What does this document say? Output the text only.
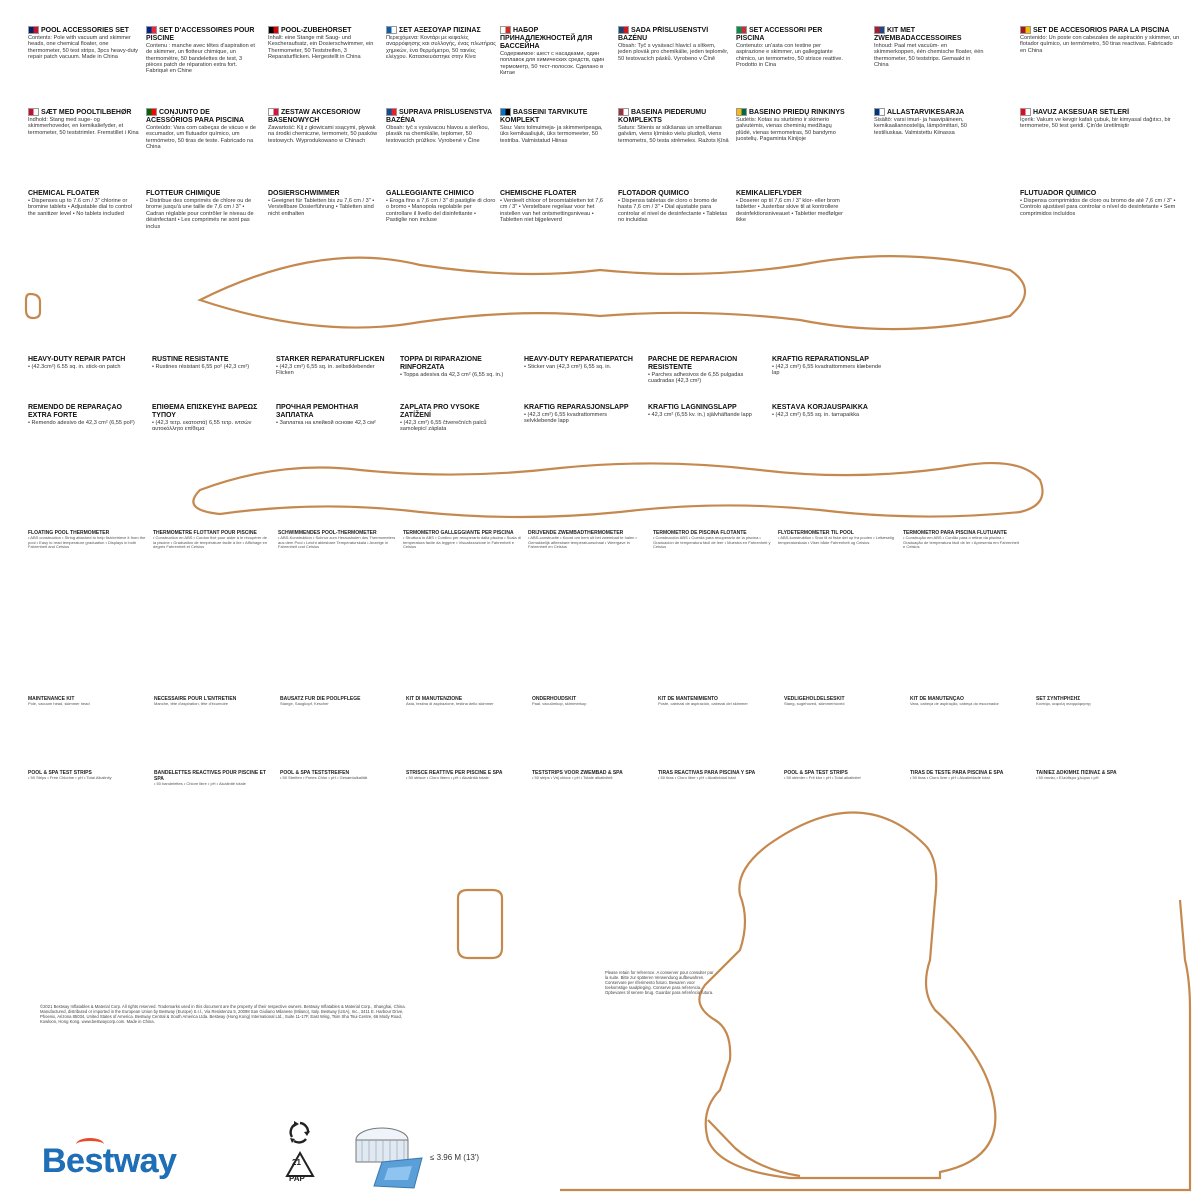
POOL ACCESSORIES SET
Contents: Pole with vacuum and skimmer heads, one chemical floater, one thermometer, 50 test strips, 3pcs heavy-duty repair patch vacuum. Made in China
SET D'ACCESSOIRES POUR PISCINE
Contenu : manche avec têtes d'aspiration et de skimmer, un flotteur chimique, un thermomètre, 50 bandelettes de test, 3 pièces patch de réparation extra fort. Fabriqué en Chine
POOL-ZUBEHÖRSET
Inhalt: eine Stange mit Saug- und Kescheraufsatz, ein Dosierschwimmer, ein Thermometer, 50 Teststreifen, 3 Reparaturflicken. Hergestellt in China
ΣΕΤ ΑΞΕΣΟΥΑΡ ΠΙΣΙΝΑΣ
Περιεχόμενα: Κοντάρι με κεφαλές αναρρόφησης και συλλογής, ένας πλωτήρας χημικών, ένα θερμόμετρο, 50 ταινίες ελέγχου. Κατασκευάστηκε στην Κίνα
НАБОР ПРИНАДЛЕЖНОСТЕЙ ДЛЯ БАССЕЙНА
Содержимое: шест с насадками, один поплавок для химических средств, один термометр, 50 тест-полосок. Сделано в Китае
SADA PŘÍSLUŠENSTVÍ BAZÉNU
Obsah: Tyč s vysávací hlavicí a sítkem, jeden plovák pro chemikálie, jeden teploměr, 50 testovacích pásků. Vyrobeno v Číně
SET ACCESSORI PER PISCINA
Contenuto: un'asta con testine per aspirazione e skimmer, un galleggiante chimico, un termometro, 50 strisce reattive. Prodotto in Cina
KIT MET ZWEMBADACCESSOIRES
Inhoud: Paal met vacuüm- en skimmerkoppen, één chemische floater, één thermometer, 50 teststrips. Gemaakt in China
SET DE ACCESORIOS PARA LA PISCINA
Contenido: Un poste con cabezales de aspiración y skimmer, un flotador químico, un termómetro, 50 tiras reactivas. Fabricado en China
SÆT MED POOLTILBEHØR
Indhold: Stang med suge- og skimmerhoveder, en kemikaliefyder, et termometer, 50 teststrimler. Fremstillet i Kina
CONJUNTO DE ACESSÓRIOS PARA PISCINA
Conteúdo: Vara com cabeças de vácuo e de escumador, um flutuador químico, um termómetro, 50 tiras de teste. Fabricado na China
ZESTAW AKCESORIÓW BASENOWYCH
Zawartość: Kij z głowicami ssącymi, pływak na środki chemiczne, termometr, 50 pasków testowych. Wyprodukowano w Chinach
SÚPRAVA PRÍSLUŠENSTVA BAZÉNA
Obsah: tyč s vysávacou hlavou a sieťkou, plavák na chemikálie, teplomer, 50 testovacích prúžkov. Vyrobené v Číne
BASSEINI TARVIKUTE KOMPLEKT
Sisu: Vars tolmuimeja- ja skimmeripeaga, üks kemikaaliujuk, üks termomeeter, 50 testriba. Valmistatud Hiinas
BASEINA PIEDERUMU KOMPLEKTS
Saturs: Stienis ar sūkšanas un smelšanas galvām, viens ķīmisko vielu pludiņš, viens termometrs, 50 testa strēmeles. Ražots Ķīnā
BASEINO PRIEDŲ RINKINYS
Sudėtis: Kotas su siurbimo ir skimerio galvutėmis, vienas cheminių medžiagų plūdė, vienas termometras, 50 bandymo juostelių. Pagaminta Kinijoje
ALLASTARVIKESARJA
Sisältö: varsi imuri- ja haavipäineen, kemikaaliannostelija, lämpömittari, 50 testiliuskaa. Valmistettu Kiinassa
HAVUZ AKSESUAR SETLERİ
İçerik: Vakum ve kevgir kafalı çubuk, bir kimyasal dağıtıcı, bir termometre, 50 test şeridi. Çin'de üretilmiştir
CHEMICAL FLOATER
• Dispenses up to 7.6 cm / 3" chlorine or bromine tablets • Adjustable dial to control the sanitizer level • No tablets included
FLOTTEUR CHIMIQUE
• Distribue des comprimés de chlore ou de brome jusqu'à une taille de 7,6 cm / 3" • Cadran réglable pour contrôler le niveau de désinfectant • Les comprimés ne sont pas inclus
DOSIERSCHWIMMER
• Geeignet für Tabletten bis zu 7,6 cm / 3" • Verstellbare Dosierführung • Tabletten sind nicht enthalten
GALLEGGIANTE CHIMICO
• Eroga fino a 7,6 cm / 3" di pastiglie di cloro o bromo • Manopola regolabile per controllare il livello del disinfettante • Pastiglie non incluse
CHEMISCHE FLOATER
• Verdeelt chloor of broomtabletten tot 7,6 cm / 3" • Verstelbare regelaar voor het instellen van het ontsmettingsniveau • Tabletten niet bijgeleverd
FLOTADOR QUÍMICO
• Dispensa tabletas de cloro o bromo de hasta 7,6 cm / 3" • Dial ajustable para controlar el nivel de desinfectante • Tabletas no incluidas
KEMIKALIEFLYDER
• Doserer op til 7,6 cm / 3" klor- eller brom tabletter • Justerbar skive til at kontrollere desinfektionsniveauet • Tabletter medfølger ikke
FLUTUADOR QUÍMICO
• Dispensa comprimidos de cloro ou bromo de até 7,6 cm / 3" • Controlo ajustável para controlar o nível do desinfetante • Sem comprimidos incluídos
HEAVY-DUTY REPAIR PATCH
• (42.3cm²) 6.55 sq. in. stick-on patch
RUSTINE RÉSISTANTE
• Rustines résistant 6,55 po² (42,3 cm²)
STARKER REPARATURFLICKEN
• (42,3 cm²) 6,55 sq. in. selbstklebender Flicken
TOPPA DI RIPARAZIONE RINFORZATA
• Toppa adesiva da 42,3 cm² (6,55 sq. in.)
HEAVY-DUTY REPARATIEPATCH
• Sticker van (42,3 cm²) 6,55 sq. in.
PARCHE DE REPARACIÓN RESISTENTE
• Parches adhesivos de 6,55 pulgadas cuadradas (42,3 cm²)
KRAFTIG REPARATIONSLAP
• (42,3 cm²) 6,55 kvadrattommers klæbende lap
REMENDO DE REPARAÇÃO EXTRA FORTE
• Remendo adesivo de 42,3 cm² (6,55 pol²)
ΕΠΙΘΕΜΑ ΕΠΙΣΚΕΥΗΣ ΒΑΡΕΩΣ ΤΥΠΟΥ
• (42,3 τετρ. εκατοστά) 6,55 τετρ. ιντσών αυτοκόλλητο επίθεμα
ПРОЧНАЯ РЕМОНТНАЯ ЗАПЛАТКА
• Заплатка на клейкой основе 42,3 см²
ZÁPLATA PRO VYSOKÉ ZATÍŽENÍ
• (42,3 cm²) 6,55 čtverečních palců samolepicí záplata
KRAFTIG REPARASJONSLAPP
• (42,3 cm²) 6,55 kvadrattommers selvklebende lapp
KRAFTIG LAGNINGSLAPP
• 42,3 cm² (6,55 kv. in.) självhäftande lapp
KESTÄVÄ KORJAUSPAIKKA
• (42,3 cm²) 6,55 sq. in. tarrapaikka
FLOATING POOL THERMOMETER
• ABS construction • String attached to help fish/retrieve it from the pool • Easy to read temperature graduation • Displays in both Fahrenheit and Celsius
THERMOMÈTRE FLOTTANT POUR PISCINE
• Construction en ABS • Cordon fixé pour aider à le récupérer de la piscine • Graduation de température facile à lire • Affichage en degrés Fahrenheit et Celsius
SCHWIMMENDES POOL-THERMOMETER
• ABS-Konstruktion • Schnur zum Herausholen des Thermometers aus dem Pool • Leicht ablesbare Temperaturskala • Anzeige in Fahrenheit und Celsius
TERMOMETRO GALLEGGIANTE PER PISCINA
• Struttura in ABS • Cordino per recuperarlo dalla piscina • Scala di temperatura facile da leggere • Visualizzazione in Fahrenheit e Celsius
DRIJVENDE ZWEMBADTHERMOMETER
• ABS-constructie • Koord om hem uit het zwembad te halen • Gemakkelijk afleesbare temperatuurschaal • Weergave in Fahrenheit en Celsius
TERMÓMETRO DE PISCINA FLOTANTE
• Construcción ABS • Cuerda para recuperarlo de la piscina • Graduación de temperatura fácil de leer • Muestra en Fahrenheit y Celsius
FLYDETERMOMETER TIL POOL
• ABS-konstruktion • Snor til at fiske det op fra poolen • Letlæselig temperaturskala • Viser både Fahrenheit og Celsius
TERMÓMETRO PARA PISCINA FLUTUANTE
• Construção em ABS • Cordão para o retirar da piscina • Graduação de temperatura fácil de ler • Apresenta em Fahrenheit e Celsius
MAINTENANCE KIT
Pole, vacuum head, skimmer head
NÉCESSAIRE POUR L'ENTRETIEN
Manche, tête d'aspiration, tête d'écumoire
BAUSATZ FÜR DIE POOLPFLEGE
Stange, Saugkopf, Kescher
KIT DI MANUTENZIONE
Asta, testina di aspirazione, testina dello skimmer
ONDERHOUDSKIT
Paal, vacuümkop, skimmerkop
KIT DE MANTENIMIENTO
Poste, cabezal de aspiración, cabezal del skimmer
VEDLIGEHOLDELSESKIT
Stang, sugehoved, skimmerhoved
KIT DE MANUTENÇÃO
Vara, cabeça de aspiração, cabeça do escumador
SET ΣΥΝΤΗΡΗΣΗΣ
Κοντάρι, κεφαλή αναρρόφησης
POOL & SPA TEST STRIPS
• 50 Strips • Free Chlorine • pH • Total Alkalinity
BANDELETTES RÉACTIVES POUR PISCINE ET SPA
• 50 bandelettes • Chlore libre • pH • Alcalinité totale
POOL & SPA TESTSTREIFEN
• 50 Streifen • Freies Chlor • pH • Gesamtalkalität
STRISCE REATTIVE PER PISCINE E SPA
• 50 strisce • Cloro libero • pH • Alcalinità totale
TESTSTRIPS VOOR ZWEMBAD & SPA
• 50 strips • Vrij chloor • pH • Totale alkaliniteit
TIRAS REACTIVAS PARA PISCINA Y SPA
• 50 tiras • Cloro libre • pH • Alcalinidad total
POOL & SPA TEST STRIPS
• 50 strimler • Frit klor • pH • Total alkalinitet
TIRAS DE TESTE PARA PISCINA E SPA
• 50 tiras • Cloro livre • pH • Alcalinidade total
ΤΑΙΝΙΕΣ ΔΟΚΙΜΗΣ ΠΙΣΙΝΑΣ & SPA
• 50 ταινίες • Ελεύθερο χλώριο • pH
©2021 Bestway Inflatables & Material Corp. All rights reserved. Trademarks used in this document are the property of their respective owners. Bestway Inflatables & Material Corp., Shanghai, China. Manufactured, distributed or imported in the European Union by Bestway (Europe) S.r.l., Via Resistenza 5, 20098 San Giuliano Milanese (Milano), Italy. Bestway (USA), Inc., 3411 E. Harbour Drive, Phoenix, Arizona 85034, United States of America. Bestway Central & South America Ltda. Bestway (Hong Kong) International Ltd., Suite 11-17F, East Wing, Tsim Sha Tsui Centre, 66 Mody Road, Kowloon, Hong Kong. www.bestwaycorp.com. Made in China.
Please retain for reference. A conserver pour consulter par la suite. Bitte zur späteren Verwendung aufbewahren. Conservare per riferimento futuro. Bewaren voor toekomstige raadpleging. Conserve para referencia. Opbevares til senere brug. Guardar para referência futura.
Bestway	21
PAP
≤ 3.96 M (13')
